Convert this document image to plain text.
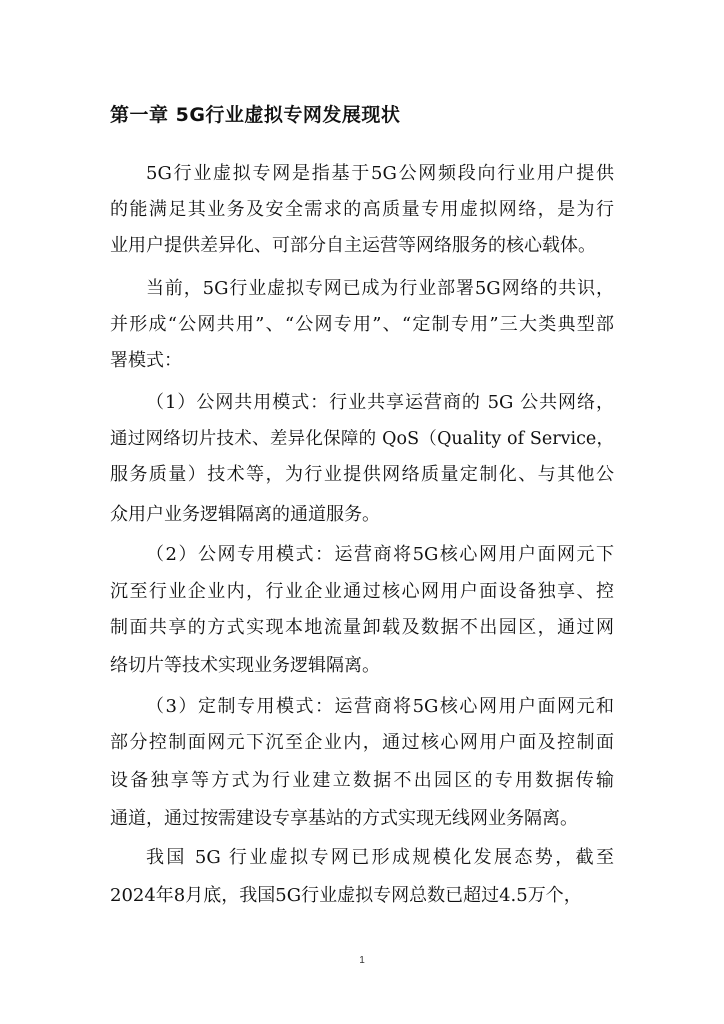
第一章 5G行业虚拟专网发展现状
5G行业虚拟专网是指基于5G公网频段向行业用户提供
的能满足其业务及安全需求的高质量专用虚拟网络，是为行
业用户提供差异化、可部分自主运营等网络服务的核心载体。
当前，5G行业虚拟专网已成为行业部署5G网络的共识，
并形成“公网共用”、“公网专用”、“定制专用”三大类典型部
署模式：
（1）公网共用模式：行业共享运营商的 5G 公共网络，
通过网络切片技术、差异化保障的 QoS（Quality of Service，
服务质量）技术等，为行业提供网络质量定制化、与其他公
众用户业务逻辑隔离的通道服务。
（2）公网专用模式：运营商将5G核心网用户面网元下
沉至行业企业内，行业企业通过核心网用户面设备独享、控
制面共享的方式实现本地流量卸载及数据不出园区，通过网
络切片等技术实现业务逻辑隔离。
（3）定制专用模式：运营商将5G核心网用户面网元和
部分控制面网元下沉至企业内，通过核心网用户面及控制面
设备独享等方式为行业建立数据不出园区的专用数据传输
通道，通过按需建设专享基站的方式实现无线网业务隔离。
我国 5G 行业虚拟专网已形成规模化发展态势，截至
2024年8月底，我国5G行业虚拟专网总数已超过4.5万个，
1
